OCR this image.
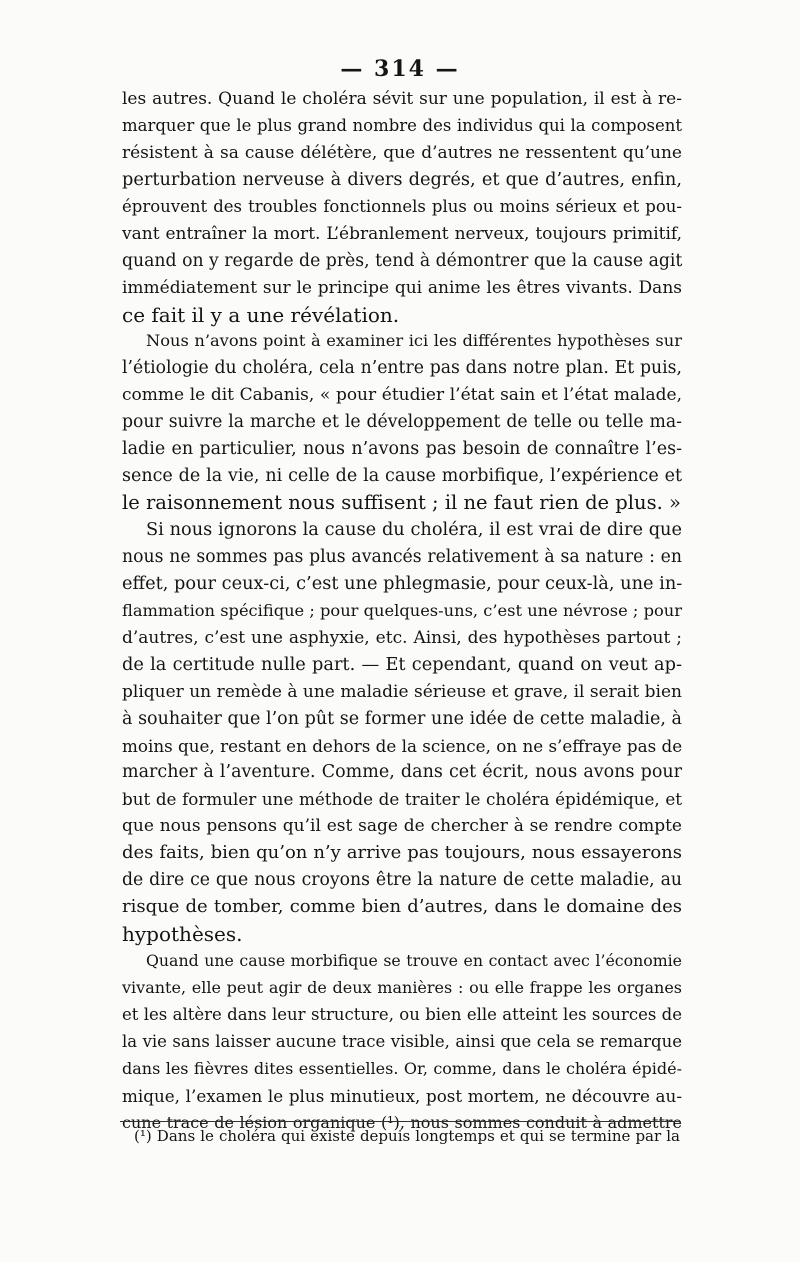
— 314 —
les autres. Quand le choléra sévit sur une population, il est à re-
marquer que le plus grand nombre des individus qui la composent
résistent à sa cause délétère, que d’autres ne ressentent qu’une
perturbation nerveuse à divers degrés, et que d’autres, enfin,
éprouvent des troubles fonctionnels plus ou moins sérieux et pou-
vant entraîner la mort. L’ébranlement nerveux, toujours primitif,
quand on y regarde de près, tend à démontrer que la cause agit
immédiatement sur le principe qui anime les êtres vivants. Dans
ce fait il y a une révélation.
Nous n’avons point à examiner ici les différentes hypothèses sur
l’étiologie du choléra, cela n’entre pas dans notre plan. Et puis,
comme le dit Cabanis, « pour étudier l’état sain et l’état malade,
pour suivre la marche et le développement de telle ou telle ma-
ladie en particulier, nous n’avons pas besoin de connaître l’es-
sence de la vie, ni celle de la cause morbifique, l’expérience et
le raisonnement nous suffisent ; il ne faut rien de plus. »
Si nous ignorons la cause du choléra, il est vrai de dire que
nous ne sommes pas plus avancés relativement à sa nature : en
effet, pour ceux-ci, c’est une phlegmasie, pour ceux-là, une in-
flammation spécifique ; pour quelques-uns, c’est une névrose ; pour
d’autres, c’est une asphyxie, etc. Ainsi, des hypothèses partout ;
de la certitude nulle part. — Et cependant, quand on veut ap-
pliquer un remède à une maladie sérieuse et grave, il serait bien
à souhaiter que l’on pût se former une idée de cette maladie, à
moins que, restant en dehors de la science, on ne s’effraye pas de
marcher à l’aventure. Comme, dans cet écrit, nous avons pour
but de formuler une méthode de traiter le choléra épidémique, et
que nous pensons qu’il est sage de chercher à se rendre compte
des faits, bien qu’on n’y arrive pas toujours, nous essayerons
de dire ce que nous croyons être la nature de cette maladie, au
risque de tomber, comme bien d’autres, dans le domaine des
hypothèses.
Quand une cause morbifique se trouve en contact avec l’économie
vivante, elle peut agir de deux manières : ou elle frappe les organes
et les altère dans leur structure, ou bien elle atteint les sources de
la vie sans laisser aucune trace visible, ainsi que cela se remarque
dans les fièvres dites essentielles. Or, comme, dans le choléra épidé-
mique, l’examen le plus minutieux, post mortem, ne découvre au-
cune trace de lésion organique (¹), nous sommes conduit à admettre
(¹) Dans le choléra qui existe depuis longtemps et qui se termine par la
